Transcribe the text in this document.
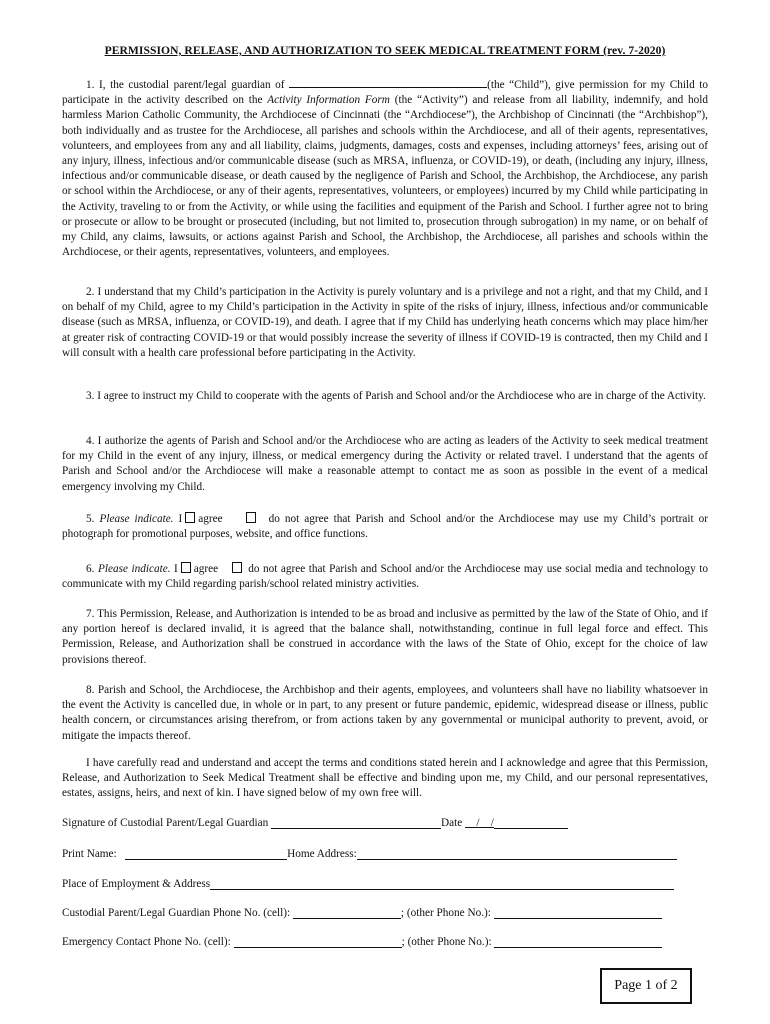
PERMISSION, RELEASE, AND AUTHORIZATION TO SEEK MEDICAL TREATMENT FORM (rev. 7-2020)

1. I, the custodial parent/legal guardian of	(the “Child”), give permission for my Child to participate in the activity described on the Activity Information Form (the “Activity”) and release from all liability, indemnify, and hold harmless Marion Catholic Community, the Archdiocese of Cincinnati (the “Archdiocese”), the Archbishop of Cincinnati (the “Archbishop”), both individually and as trustee for the Archdiocese, all parishes and schools within the Archdiocese, and all of their agents, representatives, volunteers, and employees from any and all liability, claims, judgments, damages, costs and expenses, including attorneys’ fees, arising out of any injury, illness, infectious and/or communicable disease (such as MRSA, influenza, or COVID-19), or death, (including any injury, illness, infectious and/or communicable disease, or death caused by the negligence of Parish and School, the Archbishop, the Archdiocese, any parish or school within the Archdiocese, or any of their agents, representatives, volunteers, or employees) incurred by my Child while participating in the Activity, traveling to or from the Activity, or while using the facilities and equipment of the Parish and School. I further agree not to bring or prosecute or allow to be brought or prosecuted (including, but not limited to, prosecution through subrogation) in my name, or on behalf of my Child, any claims, lawsuits, or actions against Parish and School, the Archbishop, the Archdiocese, all parishes and schools within the Archdiocese, or their agents, representatives, volunteers, and employees.

2. I understand that my Child’s participation in the Activity is purely voluntary and is a privilege and not a right, and that my Child, and I on behalf of my Child, agree to my Child’s participation in the Activity in spite of the risks of injury, illness, infectious and/or communicable disease (such as MRSA, influenza, or COVID-19), and death. I agree that if my Child has underlying heath concerns which may place him/her at greater risk of contracting COVID-19 or that would possibly increase the severity of illness if COVID-19 is contracted, then my Child and I will consult with a health care professional before participating in the Activity.

3. I agree to instruct my Child to cooperate with the agents of Parish and School and/or the Archdiocese who are in charge of the Activity.

4. I authorize the agents of Parish and School and/or the Archdiocese who are acting as leaders of the Activity to seek medical treatment for my Child in the event of any injury, illness, or medical emergency during the Activity or related travel. I understand that the agents of Parish and School and/or the Archdiocese will make a reasonable attempt to contact me as soon as possible in the event of a medical emergency involving my Child.

5. Please indicate. I agree	do not agree that Parish and School and/or the Archdiocese may use my Child’s portrait or photograph for promotional purposes, website, and office functions.

6. Please indicate. I agree	do not agree that Parish and School and/or the Archdiocese may use social media and technology to communicate with my Child regarding parish/school related ministry activities.

7. This Permission, Release, and Authorization is intended to be as broad and inclusive as permitted by the law of the State of Ohio, and if any portion hereof is declared invalid, it is agreed that the balance shall, notwithstanding, continue in full legal force and effect. This Permission, Release, and Authorization shall be construed in accordance with the laws of the State of Ohio, except for the choice of law provisions thereof.

8. Parish and School, the Archdiocese, the Archbishop and their agents, employees, and volunteers shall have no liability whatsoever in the event the Activity is cancelled due, in whole or in part, to any present or future pandemic, epidemic, widespread disease or illness, public health concern, or circumstances arising therefrom, or from actions taken by any governmental or municipal authority to prevent, avoid, or mitigate the impacts thereof.

I have carefully read and understand and accept the terms and conditions stated herein and I acknowledge and agree that this Permission, Release, and Authorization to Seek Medical Treatment shall be effective and binding upon me, my Child, and our personal representatives, estates, assigns, heirs, and next of kin. I have signed below of my own free will.

Signature of Custodial Parent/Legal Guardian	Date __/__/
Print Name:	Home Address:
Place of Employment & Address
Custodial Parent/Legal Guardian Phone No. (cell):	; (other Phone No.):
Emergency Contact Phone No. (cell):	; (other Phone No.):
Page 1 of 2
